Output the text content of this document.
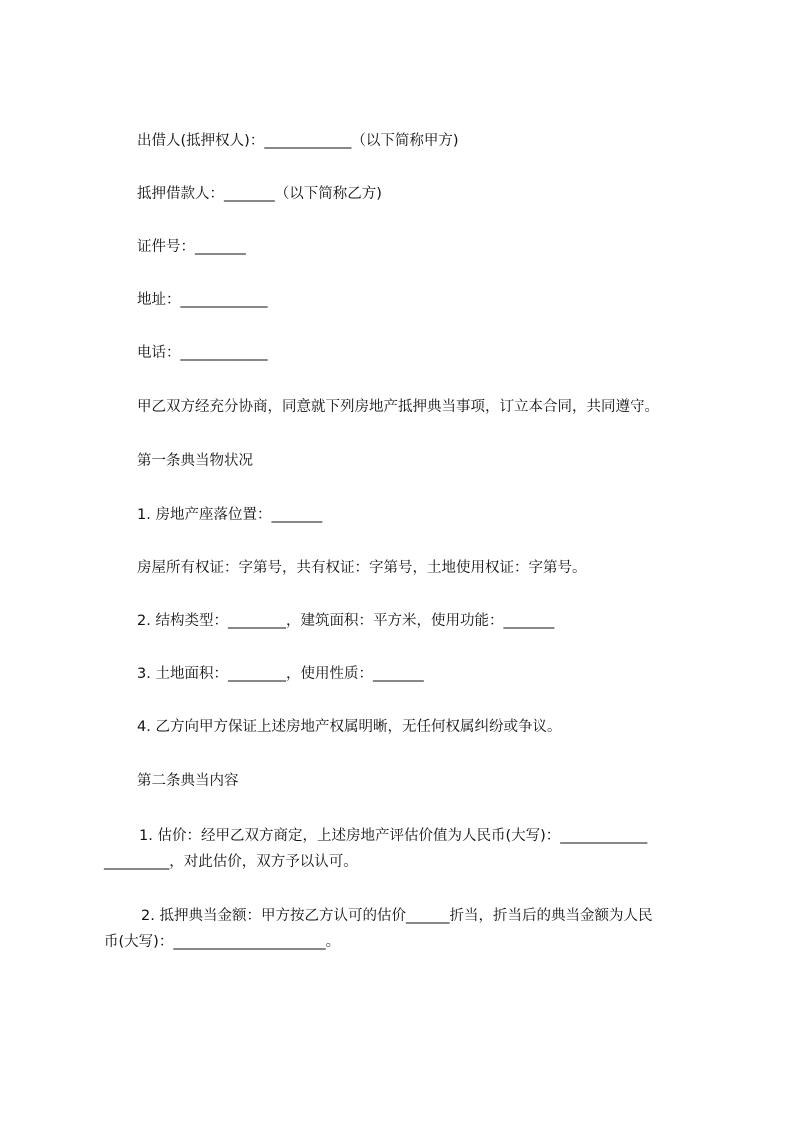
出借人(抵押权人)：____________（以下简称甲方)
抵押借款人：_______（以下简称乙方)
证件号：_______
地址：____________
电话：____________
甲乙双方经充分协商，同意就下列房地产抵押典当事项，订立本合同，共同遵守。
第一条典当物状况
1. 房地产座落位置：_______
房屋所有权证：字第号，共有权证：字第号，土地使用权证：字第号。
2. 结构类型：________，建筑面积：平方米，使用功能：_______
3. 土地面积：________，使用性质：_______
4. 乙方向甲方保证上述房地产权属明晰，无任何权属纠纷或争议。
第二条典当内容
1. 估价：经甲乙双方商定，上述房地产评估价值为人民币(大写)：____________
_________，对此估价，双方予以认可。
2. 抵押典当金额：甲方按乙方认可的估价______折当，折当后的典当金额为人民
币(大写)：_____________________。
